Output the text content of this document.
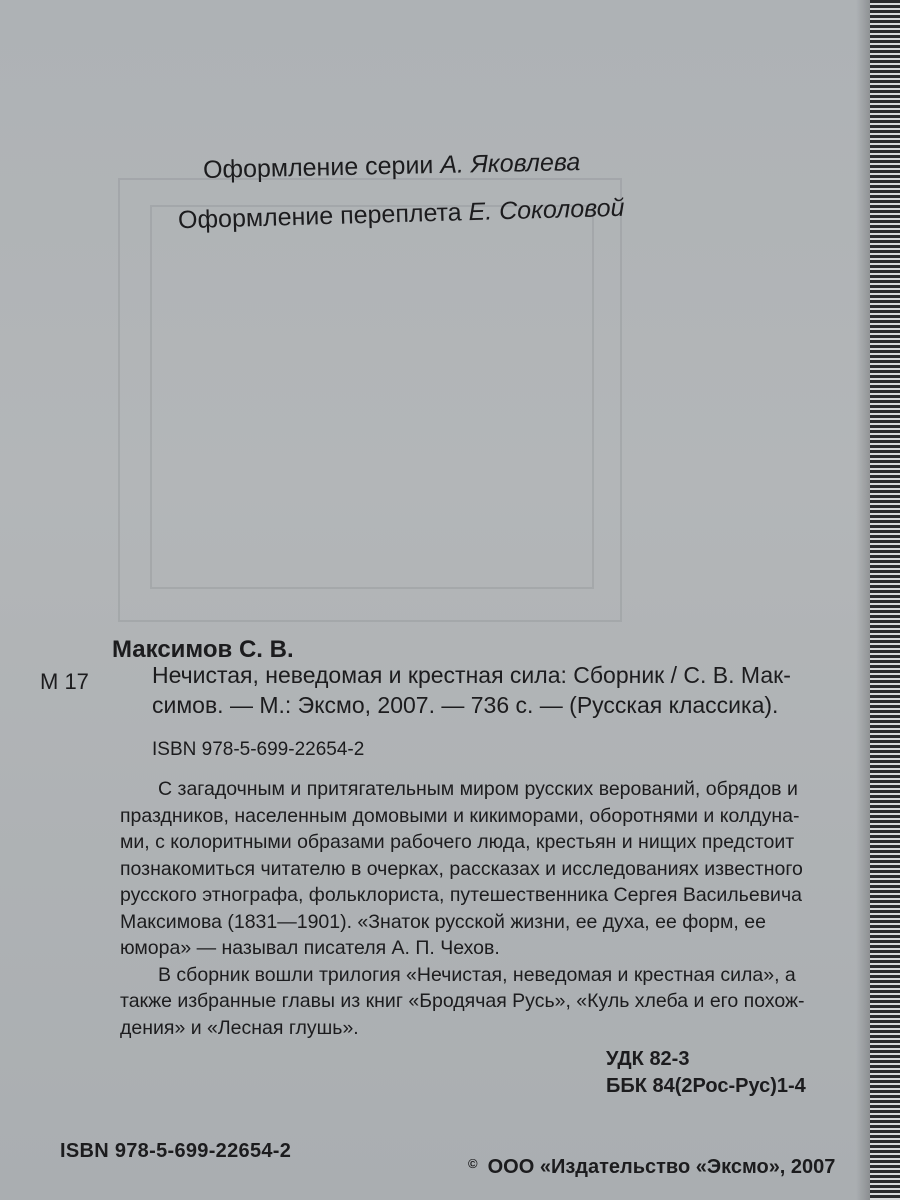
Оформление серии А. Яковлева
Оформление переплета Е. Соколовой
Максимов С. В.
М 17	Нечистая, неведомая и крестная сила: Сборник / С. В. Мак-
симов. — М.: Эксмо, 2007. — 736 с. — (Русская классика).
ISBN 978-5-699-22654-2
С загадочным и притягательным миром русских верований, обрядов и
праздников, населенным домовыми и кикиморами, оборотнями и колдуна-
ми, с колоритными образами рабочего люда, крестьян и нищих предстоит
познакомиться читателю в очерках, рассказах и исследованиях известного
русского этнографа, фольклориста, путешественника Сергея Васильевича
Максимова (1831—1901). «Знаток русской жизни, ее духа, ее форм, ее
юмора» — называл писателя А. П. Чехов.
В сборник вошли трилогия «Нечистая, неведомая и крестная сила», а
также избранные главы из книг «Бродячая Русь», «Куль хлеба и его похож-
дения» и «Лесная глушь».
УДК 82-3
ББК 84(2Рос-Рус)1-4
ISBN 978-5-699-22654-2
© ООО «Издательство «Эксмо», 2007
